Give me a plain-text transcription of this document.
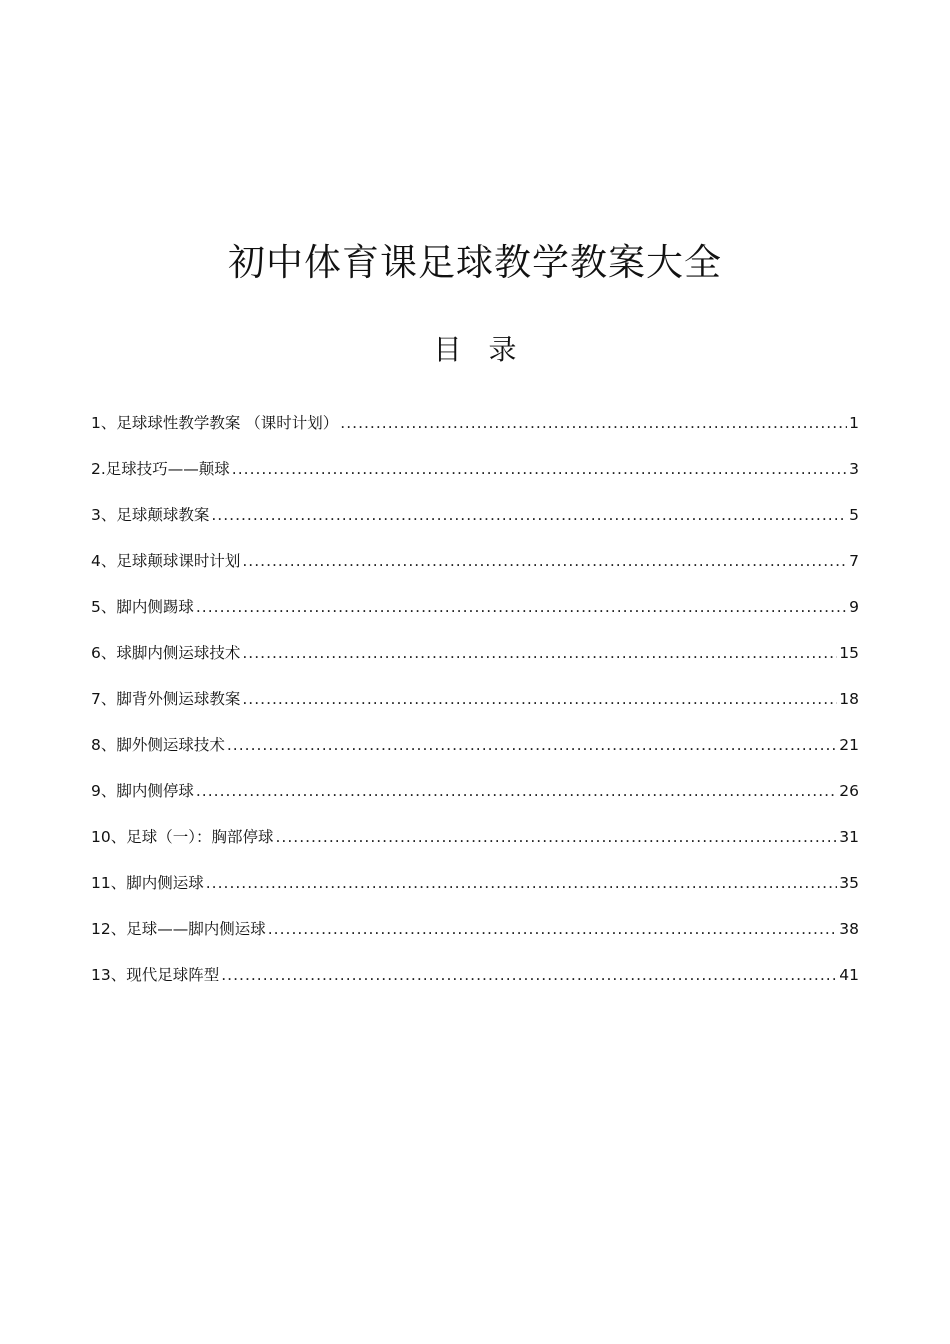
初中体育课足球教学教案大全
目 录
1、足球球性教学教案 （课时计划） .....	1
2.足球技巧——颠球 .....	3
3、足球颠球教案 .....	5
4、足球颠球课时计划 .....	7
5、脚内侧踢球 .....	9
6、球脚内侧运球技术 .....	15
7、脚背外侧运球教案 .....	18
8、脚外侧运球技术 .....	21
9、脚内侧停球 .....	26
10、足球（一）：胸部停球 .....	31
11、脚内侧运球 .....	35
12、足球——脚内侧运球 .....	38
13、现代足球阵型 .....	41
